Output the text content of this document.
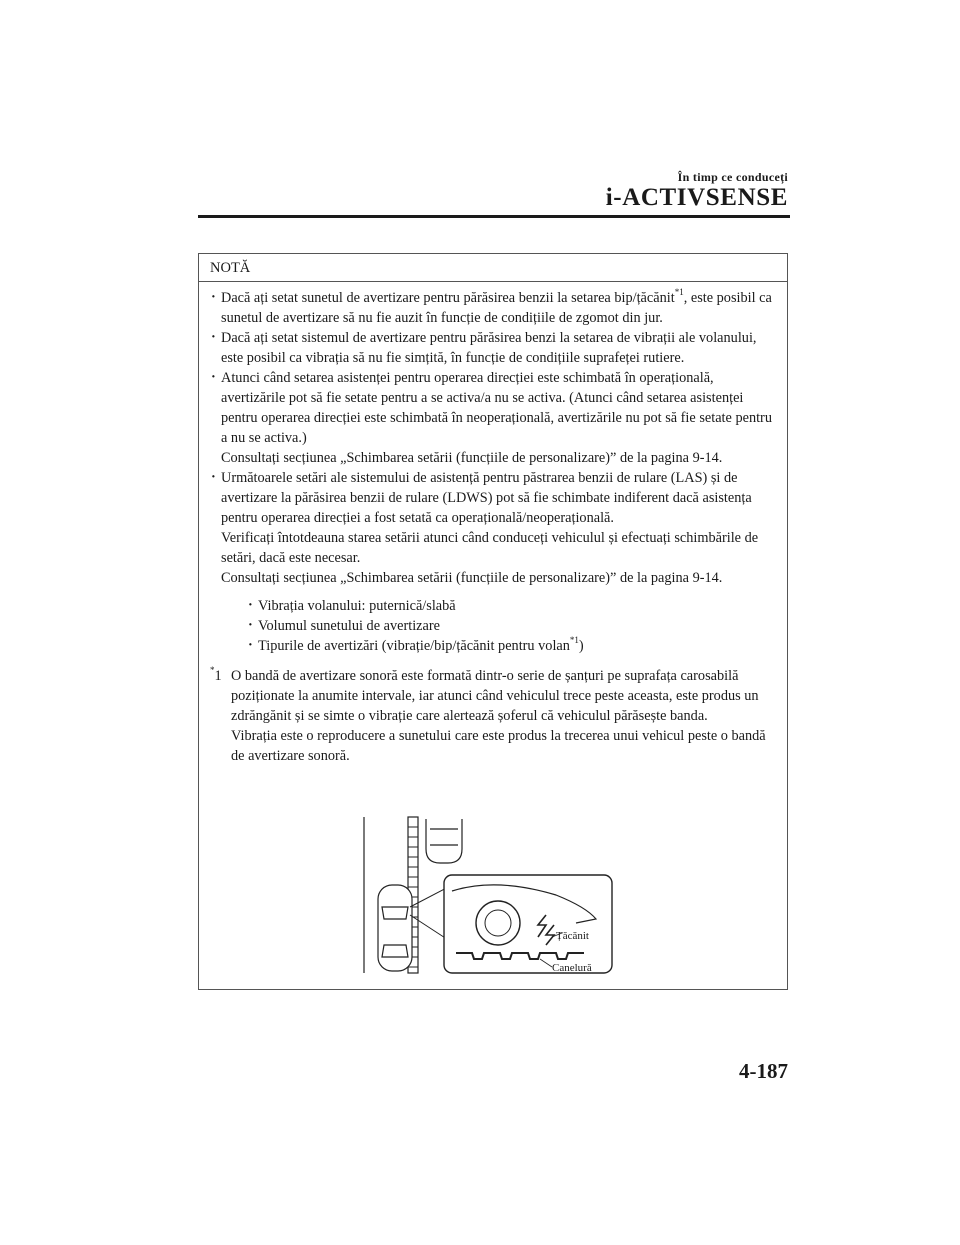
În timp ce conduceți
i-ACTIVSENSE
NOTĂ
· Dacă ați setat sunetul de avertizare pentru părăsirea benzii la setarea bip/țăcănit$^{*1}$, este posibil ca sunetul de avertizare să nu fie auzit în funcție de condițiile de zgomot din jur.
· Dacă ați setat sistemul de avertizare pentru părăsirea benzi la setarea de vibrații ale volanului, este posibil ca vibrația să nu fie simțită, în funcție de condițiile suprafeței rutiere.

· Atunci când setarea asistenței pentru operarea direcției este schimbată în operațională, avertizările pot să fie setate pentru a se activa/a nu se activa. (Atunci când setarea asistenței pentru operarea direcției este schimbată în neoperațională, avertizările nu pot să fie setate pentru a nu se activa.)

Consultați secțiunea „Schimbarea setării (funcțiile de personalizare)” de la pagina 9-14.

· Următoarele setări ale sistemului de asistență pentru păstrarea benzii de rulare (LAS) și de avertizare la părăsirea benzii de rulare (LDWS) pot să fie schimbate indiferent dacă asistența pentru operarea direcției a fost setată ca operațională/neoperațională.

Verificați întotdeauna starea setării atunci când conduceți vehiculul și efectuați schimbările de setări, dacă este necesar.

Consultați secțiunea „Schimbarea setării (funcțiile de personalizare)” de la pagina 9-14.

· Vibrația volanului: puternică/slabă
· Volumul sunetului de avertizare
· Tipurile de avertizări (vibrație/bip/țăcănit pentru volan$^{*1}$)
*1 O bandă de avertizare sonoră este formată dintr-o serie de șanțuri pe suprafața carosabilă poziționate la anumite intervale, iar atunci când vehiculul trece peste aceasta, este produs un zdrăngănit și se simte o vibrație care alertează șoferul că vehiculul părăsește banda.

Vibrația este o reproducere a sunetului care este produs la trecerea unui vehicul peste o bandă de avertizare sonoră.

Țăcănit
Canelură
4-187
